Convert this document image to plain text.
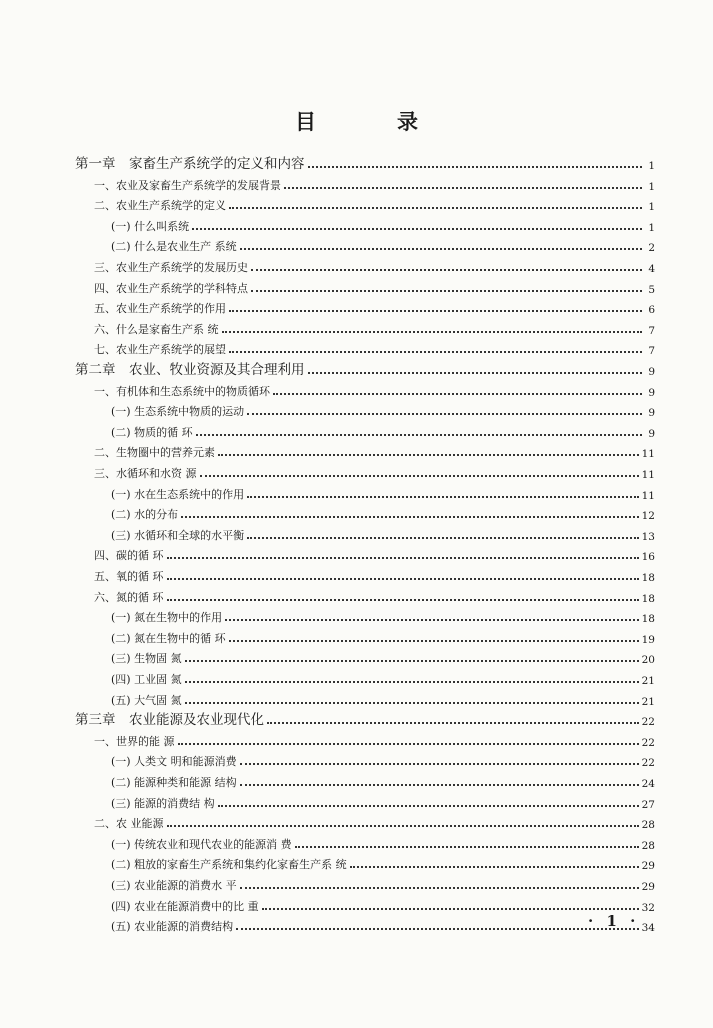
目　录
第一章　家畜生产系统学的定义和内容	1
一、农业及家畜生产系统学的发展背景	1
二、农业生产系统学的定义	1
(一) 什么叫系统	1
(二) 什么是农业生产 系统	2
三、农业生产系统学的发展历史	4
四、农业生产系统学的学科特点	5
五、农业生产系统学的作用	6
六、什么是家畜生产系 统	7
七、农业生产系统学的展望	7
第二章　农业、牧业资源及其合理利用	9
一、有机体和生态系统中的物质循环	9
(一) 生态系统中物质的运动	9
(二) 物质的循 环	9
二、生物圈中的营养元素	11
三、水循环和水资 源	11
(一) 水在生态系统中的作用	11
(二) 水的分布	12
(三) 水循环和全球的水平衡	13
四、碳的循 环	16
五、氧的循 环	18
六、氮的循 环	18
(一) 氮在生物中的作用	18
(二) 氮在生物中的循 环	19
(三) 生物固 氮	20
(四) 工业固 氮	21
(五) 大气固 氮	21
第三章　农业能源及农业现代化	22
一、世界的能 源	22
(一) 人类文 明和能源消费	22
(二) 能源种类和能源 结构	24
(三) 能源的消费结 构	27
二、农 业能源	28
(一) 传统农业和现代农业的能源消 费	28
(二) 粗放的家畜生产系统和集约化家畜生产系 统	29
(三) 农业能源的消费水 平	29
(四) 农业在能源消费中的比 重	32
(五) 农业能源的消费结构	34
· 1 ·
